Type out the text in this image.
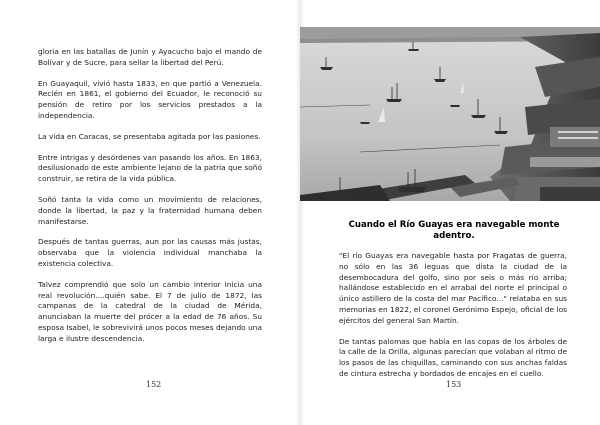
gloria en las batallas de Junín y Ayacucho bajo el mando de Bolívar y de Sucre, para sellar la libertad del Perú.

En Guayaquil, vivió hasta 1833, en que partió a Venezuela. Recién en 1861, el gobierno del Ecuador, le reconoció su pensión de retiro por los servicios prestados a la independencia.

La vida en Caracas, se presentaba agitada por las pasiones.

Entre intrigas y desórdenes van pasando los años. En 1863, desilusionado de este ambiente lejano de la patria que soñó construir, se retira de la vida pública.

Soñó tanta la vida como un movimiento de relaciones, donde la libertad, la paz y la fraternidad humana deben manifestarse.

Después de tantas guerras, aun por las causas más justas, observaba que la violencia individual manchaba la existencia colectiva.

Talvez comprendió que solo un cambio interior inicia una real revolución....quién sabe. El 7 de julio de 1872, las campanas de la catedral de la ciudad de Mérida, anunciaban la muerte del prócer a la edad de 76 años. Su esposa Isabel, le sobrevivirá unos pocos meses dejando una larga e ilustre descendencia.

152
Cuando el Río Guayas era navegable monte adentro.

"El río Guayas era navegable hasta por Fragatas de guerra, no sólo en las 36 leguas que dista la ciudad de la desembocadura del golfo, sino por seis o más río arriba; hallándose establecido en el arrabal del norte el principal o único astillero de la costa del mar Pacífico..." relataba en sus memorias en 1822, el coronel Gerónimo Espejo, oficial de los ejércitos del general San Martín.

De tantas palomas que había en las copas de los árboles de la calle de la Orilla, algunas parecían que volaban al ritmo de los pasos de las chiquillas, caminando con sus anchas faldas de cintura estrecha y bordados de encajes en el cuello.

153
